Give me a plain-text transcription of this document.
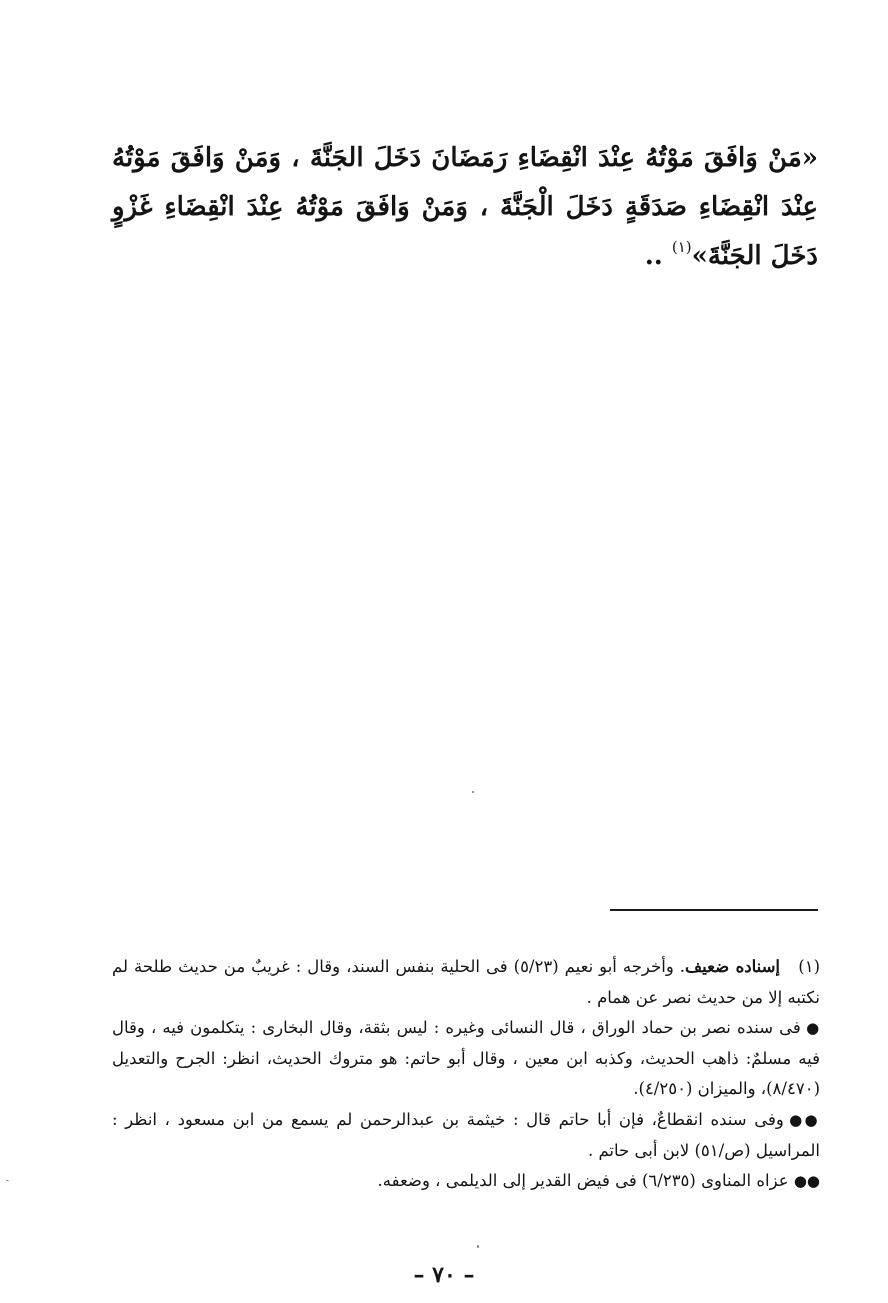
«مَنْ وَافَقَ مَوْتُهُ عِنْدَ انْقِضَاءِ رَمَضَانَ دَخَلَ الجَنَّةَ ، وَمَنْ وَافَقَ مَوْتُهُ عِنْدَ انْقِضَاءِ صَدَقَةٍ دَخَلَ الْجَنَّةَ ، وَمَنْ وَافَقَ مَوْتُهُ عِنْدَ انْقِضَاءِ غَزْوٍ دَخَلَ الجَنَّةَ»$^{(١)}$ ..

(١)إسناده ضعيف. وأخرجه أبو نعيم (٥/٢٣) فى الحلية بنفس السند، وقال : غريبٌ من حديث طلحة لم نكتبه إلا من حديث نصر عن همام .
● فى سنده نصر بن حماد الوراق ، قال النسائى وغيره : ليس بثقة، وقال البخارى : يتكلمون فيه ، وقال فيه مسلمٌ: ذاهب الحديث، وكذبه ابن معين ، وقال أبو حاتم: هو متروك الحديث، انظر: الجرح والتعديل (٨/٤٧٠)، والميزان (٤/٢٥٠).
●● وفى سنده انقطاعٌ، فإن أبا حاتم قال : خيثمة بن عبدالرحمن لم يسمع من ابن مسعود ، انظر : المراسيل (ص/٥١) لابن أبى حاتم .
●● عزاه المناوى (٦/٢٣٥) فى فيض القدير إلى الديلمى ، وضعفه.
– ٧٠ –
